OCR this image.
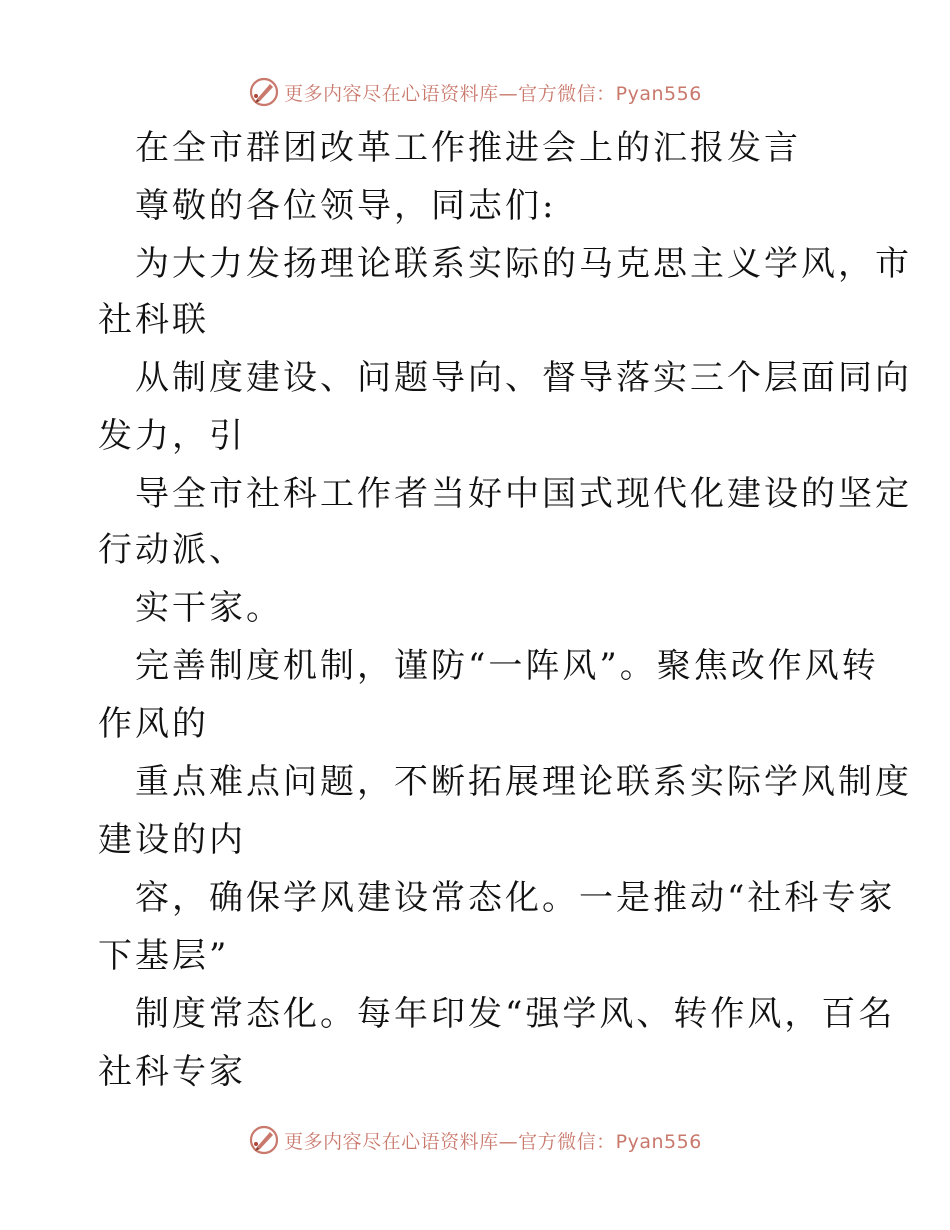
更多内容尽在心语资料库—官方微信：Pyan556
在全市群团改革工作推进会上的汇报发言
尊敬的各位领导，同志们:
为大力发扬理论联系实际的马克思主义学风，市
社科联
从制度建设、问题导向、督导落实三个层面同向
发力，引
导全市社科工作者当好中国式现代化建设的坚定
行动派、
实干家。
完善制度机制，谨防“一阵风”。聚焦改作风转
作风的
重点难点问题，不断拓展理论联系实际学风制度
建设的内
容，确保学风建设常态化。一是推动“社科专家
下基层”
制度常态化。每年印发“强学风、转作风，百名
社科专家
更多内容尽在心语资料库—官方微信：Pyan556
